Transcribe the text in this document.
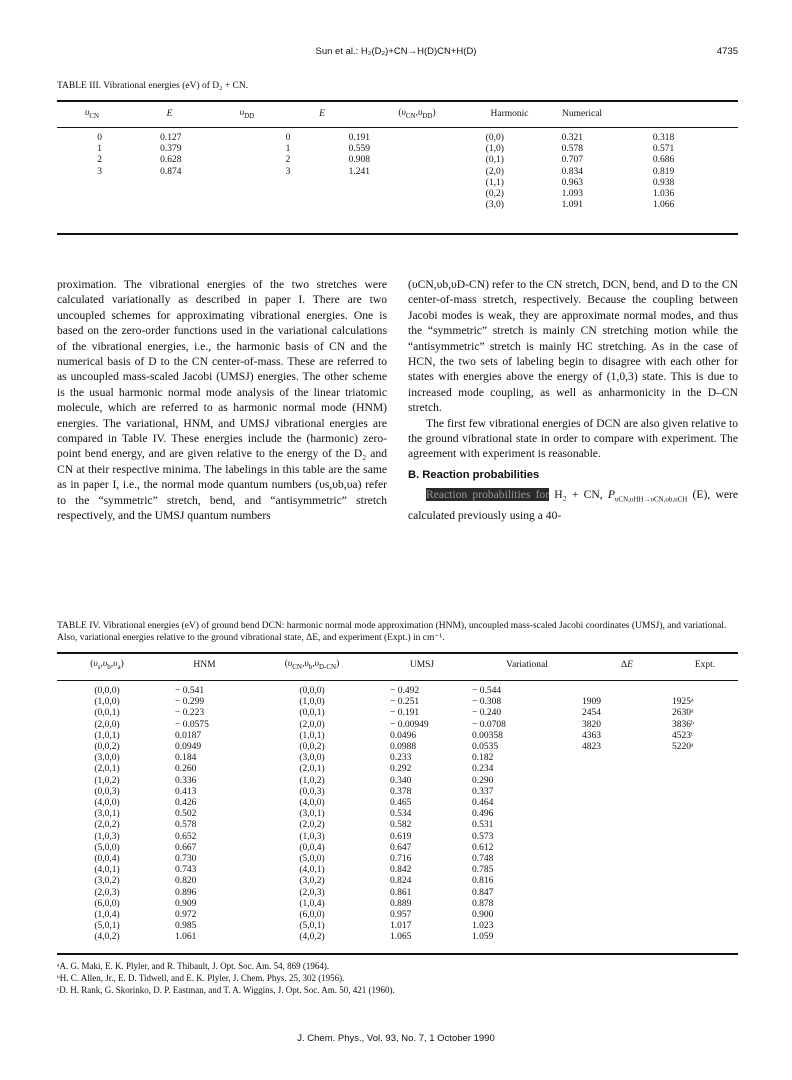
Sun et al.: H₂(D₂)+CN→H(D)CN+H(D)	4735
TABLE III. Vibrational energies (eV) of D₂ + CN.
$\upsilon_{CN}$	E	$\upsilon_{DD}$	E	$(\upsilon_{CN},\upsilon_{DD})$	Harmonic	Numerical	
0	0.127	0	0.191	(0,0)	0.321	0.318
1	0.379	1	0.559	(1,0)	0.578	0.571
2	0.628	2	0.908	(0,1)	0.707	0.686
3	0.874	3	1.241	(2,0)	0.834	0.819
				(1,1)	0.963	0.938
				(0,2)	1.093	1.036
				(3,0)	1.091	1.066

proximation. The vibrational energies of the two stretches were calculated variationally as described in paper I. There are two uncoupled schemes for approximating vibrational energies. One is based on the zero-order functions used in the variational calculations of the vibrational energies, i.e., the harmonic basis of CN and the numerical basis of D to the CN center-of-mass. These are referred to as uncoupled mass-scaled Jacobi (UMSJ) energies. The other scheme is the usual harmonic normal mode analysis of the linear triatomic molecule, which are referred to as harmonic normal mode (HNM) energies. The variational, HNM, and UMSJ vibrational energies are compared in Table IV. These energies include the (harmonic) zero-point bend energy, and are given relative to the energy of the D₂ and CN at their respective minima. The labelings in this table are the same as in paper I, i.e., the normal mode quantum numbers (υs,υb,υa) refer to the “symmetric” stretch, bend, and “antisymmetric” stretch respectively, and the UMSJ quantum numbers

(υCN,υb,υD-CN) refer to the CN stretch, DCN, bend, and D to the CN center-of-mass stretch, respectively. Because the coupling between Jacobi modes is weak, they are approximate normal modes, and thus the “symmetric” stretch is mainly CN stretching motion while the “antisymmetric” stretch is mainly HC stretching. As in the case of HCN, the two sets of labeling begin to disagree with each other for states with energies above the energy of (1,0,3) state. This is due to increased mode coupling, as well as anharmonicity in the D–CN stretch.

The first few vibrational energies of DCN are also given relative to the ground vibrational state in order to compare with experiment. The agreement with experiment is reasonable.

B. Reaction probabilities

Reaction probabilities for H₂ + CN, $P_{\upsilon CN,\upsilon HH\to\upsilon CN,\upsilon b,\upsilon CH}$ (E), were calculated previously using a 40-

TABLE IV. Vibrational energies (eV) of ground bend DCN: harmonic normal mode approximation (HNM), uncoupled mass-scaled Jacobi coordinates (UMSJ), and variational. Also, variational energies relative to the ground vibrational state, ΔE, and experiment (Expt.) in cm⁻¹.
$(\upsilon_s,\upsilon_b,\upsilon_a)$	HNM	$(\upsilon_{CN},\upsilon_b,\upsilon_{D-CN})$	UMSJ	Variational	ΔE	Expt.
(0,0,0)	− 0.541	(0,0,0)	− 0.492	− 0.544		
(1,0,0)	− 0.299	(1,0,0)	− 0.251	− 0.308	1909	1925ᵃ
(0,0,1)	− 0.223	(0,0,1)	− 0.191	− 0.240	2454	2630ᵃ
(2,0,0)	− 0.0575	(2,0,0)	− 0.00949	− 0.0708	3820	3836ᵇ
(1,0,1)	0.0187	(1,0,1)	0.0496	0.00358	4363	4523ᶜ
(0,0,2)	0.0949	(0,0,2)	0.0988	0.0535	4823	5220ᵃ
(3,0,0)	0.184	(3,0,0)	0.233	0.182		
(2,0,1)	0.260	(2,0,1)	0.292	0.234		
(1,0,2)	0.336	(1,0,2)	0.340	0.290		
(0,0,3)	0.413	(0,0,3)	0.378	0.337		
(4,0,0)	0.426	(4,0,0)	0.465	0.464		
(3,0,1)	0.502	(3,0,1)	0.534	0.496		
(2,0,2)	0.578	(2,0,2)	0.582	0.531		
(1,0,3)	0.652	(1,0,3)	0.619	0.573		
(5,0,0)	0.667	(0,0,4)	0.647	0.612		
(0,0,4)	0.730	(5,0,0)	0.716	0.748		
(4,0,1)	0.743	(4,0,1)	0.842	0.785		
(3,0,2)	0.820	(3,0,2)	0.824	0.816		
(2,0,3)	0.896	(2,0,3)	0.861	0.847		
(6,0,0)	0.909	(1,0,4)	0.889	0.878		
(1,0,4)	0.972	(6,0,0)	0.957	0.900		
(5,0,1)	0.985	(5,0,1)	1.017	1.023		
(4,0,2)	1.061	(4,0,2)	1.065	1.059		
ᵃA. G. Maki, E. K. Plyler, and R. Thibault, J. Opt. Soc. Am. 54, 869 (1964).
ᵇH. C. Allen, Jr., E. D. Tidwell, and E. K. Plyler, J. Chem. Phys. 25, 302 (1956).
ᶜD. H. Rank, G. Skorinko, D. P. Eastman, and T. A. Wiggins, J. Opt. Soc. Am. 50, 421 (1960).
J. Chem. Phys., Vol. 93, No. 7, 1 October 1990
